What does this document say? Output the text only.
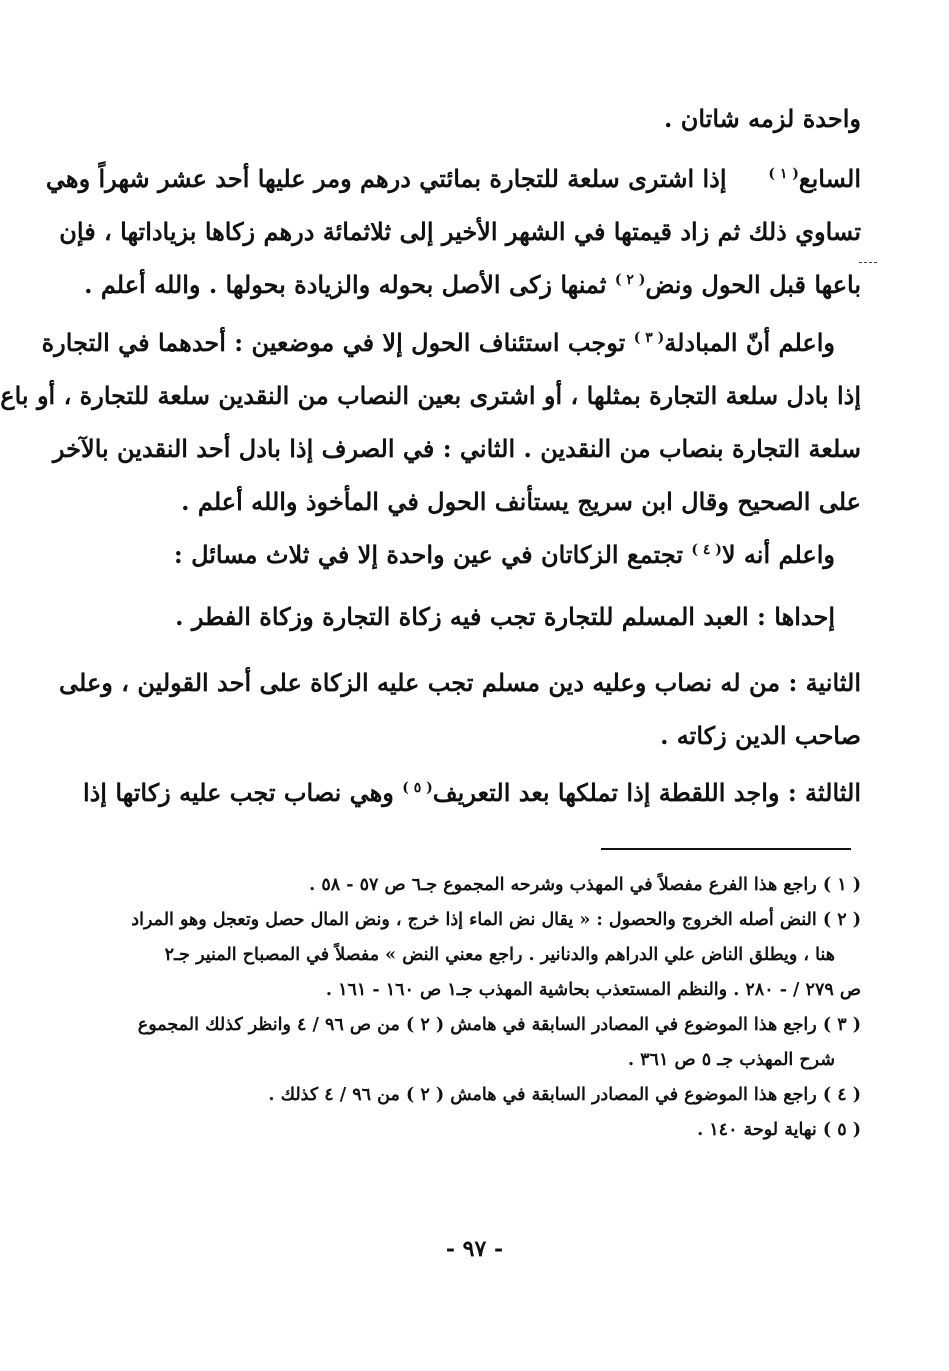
واحدة لزمه شاتان .
السابع$^{( ١ )}$     إذا اشترى سلعة للتجارة بمائتي درهم ومر عليها أحد عشر شهراً وهي
تساوي ذلك ثم زاد قيمتها في الشهر الأخير إلى ثلاثمائة درهم زكاها بزياداتها ، فإن
باعها قبل الحول ونض$^{( ٢ )}$ ثمنها زكى الأصل بحوله والزيادة بحولها . والله أعلم .
واعلم أنّ المبادلة$^{( ٣ )}$ توجب استئناف الحول إلا في موضعين : أحدهما في التجارة
إذا بادل سلعة التجارة بمثلها ، أو اشترى بعين النصاب من النقدين سلعة للتجارة ، أو باع
سلعة التجارة بنصاب من النقدين . الثاني : في الصرف إذا بادل أحد النقدين بالآخر
على الصحيح وقال ابن سريج يستأنف الحول في المأخوذ والله أعلم .
واعلم أنه لا$^{( ٤ )}$ تجتمع الزكاتان في عين واحدة إلا في ثلاث مسائل :
إحداها : العبد المسلم للتجارة تجب فيه زكاة التجارة وزكاة الفطر .
الثانية : من له نصاب وعليه دين مسلم تجب عليه الزكاة على أحد القولين ، وعلى
صاحب الدين زكاته .
الثالثة : واجد اللقطة إذا تملكها بعد التعريف$^{( ٥ )}$ وهي نصاب تجب عليه زكاتها إذا
( ١ ) راجع هذا الفرع مفصلاً في المهذب وشرحه المجموع جـ٦ ص ٥٧ - ٥٨ .
( ٢ ) النض أصله الخروج والحصول : « يقال نض الماء إذا خرج ، ونض المال حصل وتعجل وهو المراد
هنا ، ويطلق الناض علي الدراهم والدنانير . راجع معني النض » مفصلاً في المصباح المنير جـ٢
ص ٢٧٩ / - ٢٨٠ . والنظم المستعذب بحاشية المهذب جـ١ ص ١٦٠ - ١٦١ .
( ٣ ) راجع هذا الموضوع في المصادر السابقة في هامش ( ٢ ) من ص ٩٦ / ٤ وانظر كذلك المجموع
شرح المهذب جـ ٥ ص ٣٦١ .
( ٤ ) راجع هذا الموضوع في المصادر السابقة في هامش ( ٢ ) من ٩٦ / ٤ كذلك .
( ٥ ) نهاية لوحة ١٤٠ .
- ٩٧ -
